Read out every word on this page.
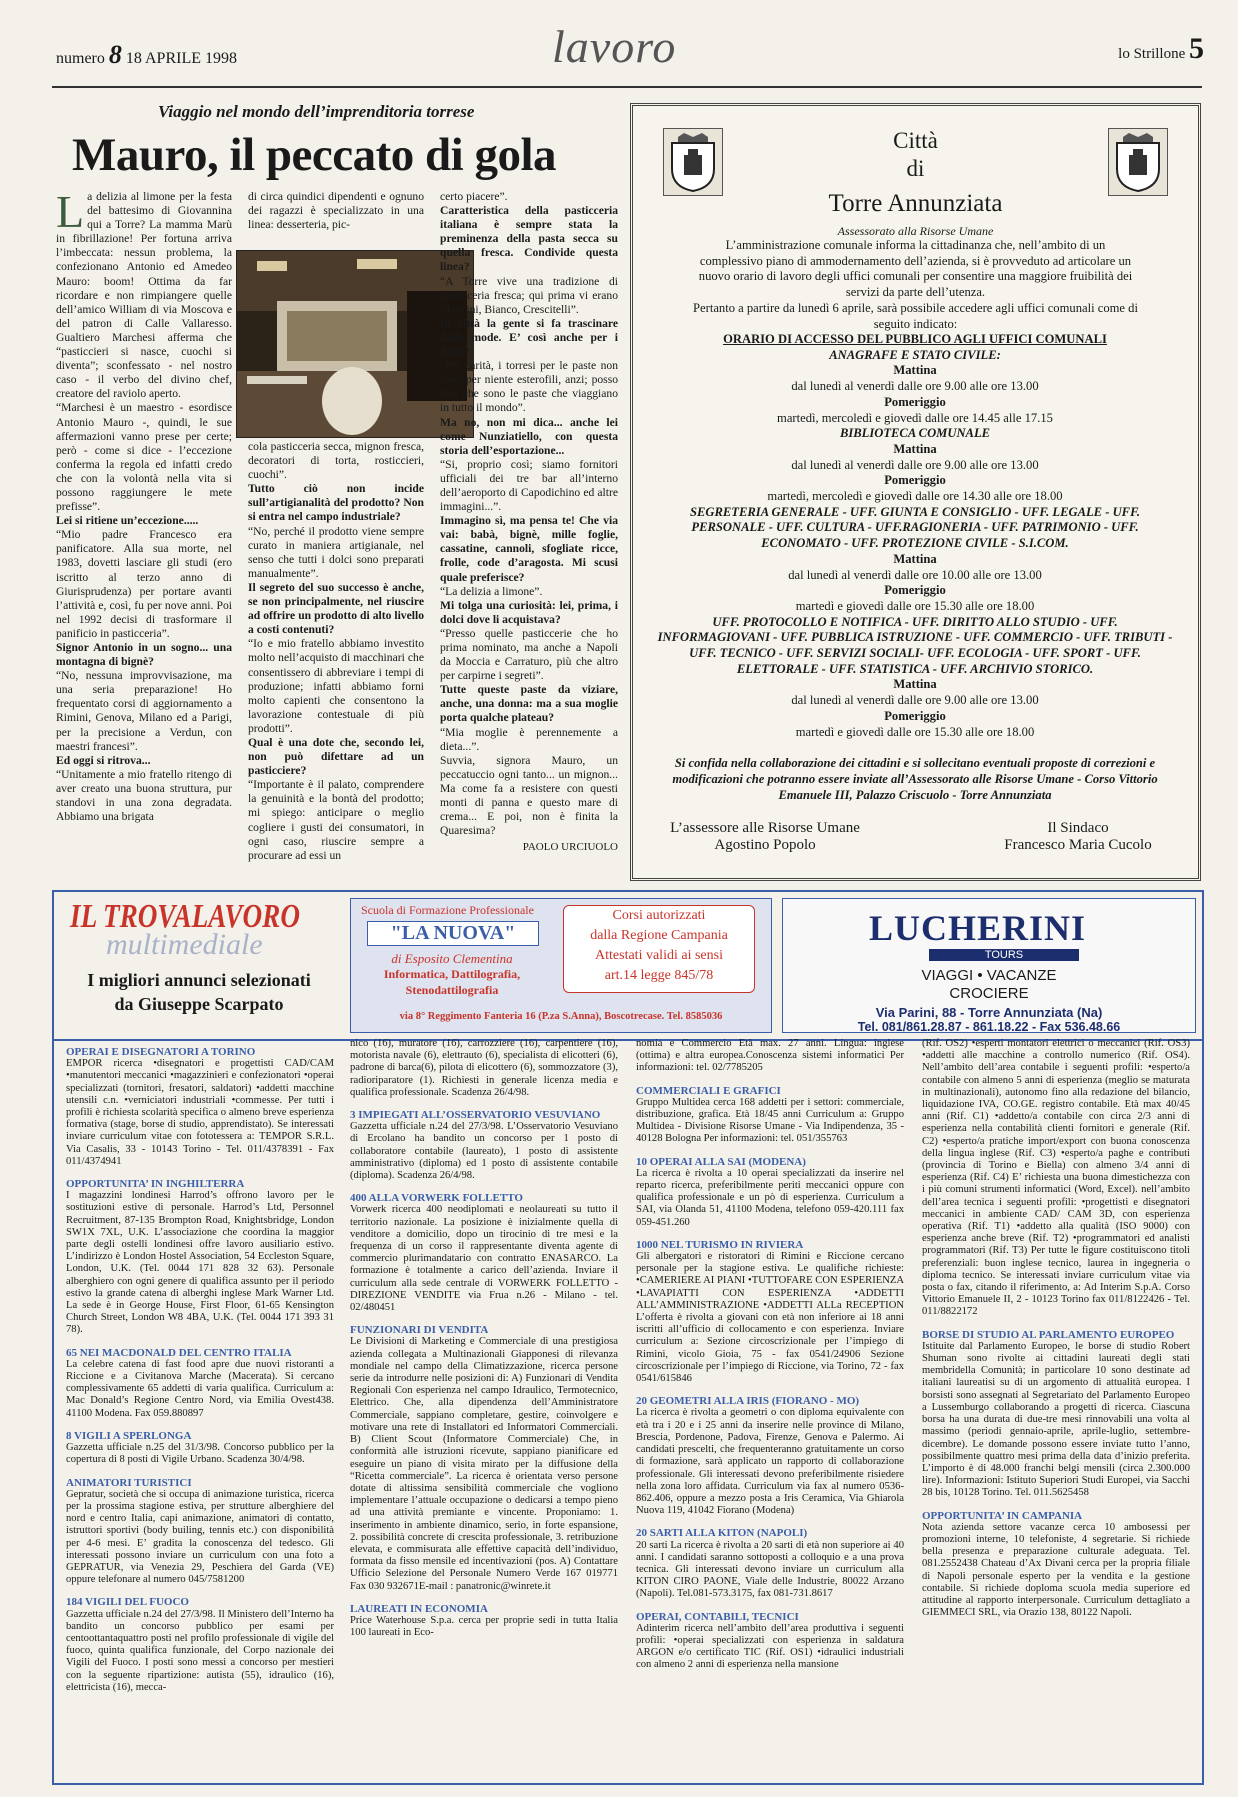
numero 8 18 APRILE 1998	lavoro	lo Strillone 5
Viaggio nel mondo dell’imprenditoria torrese
Mauro, il peccato di gola
L a delizia al limone per la festa del battesimo di Giovannina qui a Torre? La mamma Marù in fibrillazione! Per fortuna arriva l’imbeccata: nessun problema, la confezionano Antonio ed Amedeo Mauro: boom! Ottima da far ricordare e non rimpiangere quelle dell’amico William di via Moscova e del patron di Calle Vallaresso. Gualtiero Marchesi afferma che “pasticcieri si nasce, cuochi si diventa”; sconfessato - nel nostro caso - il verbo del divino chef, creatore del raviolo aperto.

“Marchesi è un maestro - esordisce Antonio Mauro -, quindi, le sue affermazioni vanno prese per certe; però - come si dice - l’eccezione conferma la regola ed infatti credo che con la volontà nella vita si possono raggiungere le mete prefisse”.

Lei si ritiene un’eccezione.....

“Mio padre Francesco era panificatore. Alla sua morte, nel 1983, dovetti lasciare gli studi (ero iscritto al terzo anno di Giurisprudenza) per portare avanti l’attività e, così, fu per nove anni. Poi nel 1992 decisi di trasformare il panificio in pasticceria”.

Signor Antonio in un sogno... una montagna di bignè?

“No, nessuna improvvisazione, ma una seria preparazione! Ho frequentato corsi di aggiornamento a Rimini, Genova, Milano ed a Parigi, per la precisione a Verdun, con maestri francesi”.

Ed oggi si ritrova...

“Unitamente a mio fratello ritengo di aver creato una buona struttura, pur standovi in una zona degradata. Abbiamo una brigata

di circa quindici dipendenti e ognuno dei ragazzi è specializzato in una linea: desserteria, pic-

cola pasticceria secca, mignon fresca, decoratori di torta, rosticcieri, cuochi”.

Tutto ciò non incide sull’artigianalità del prodotto? Non si entra nel campo industriale?

“No, perché il prodotto viene sempre curato in maniera artigianale, nel senso che tutti i dolci sono preparati manualmente”.

Il segreto del suo successo è anche, se non principalmente, nel riuscire ad offrire un prodotto di alto livello a costi contenuti?

“Io e mio fratello abbiamo investito molto nell’acquisto di macchinari che consentissero di abbreviare i tempi di produzione; infatti abbiamo forni molto capienti che consentono la lavorazione contestuale di più prodotti”.

Qual è una dote che, secondo lei, non può difettare ad un pasticciere?

“Importante è il palato, comprendere la genuinità e la bontà del prodotto; mi spiego: anticipare o meglio cogliere i gusti dei consumatori, in ogni caso, riuscire sempre a procurare ad essi un

certo piacere”.

Caratteristica della pasticceria italiana è sempre stata la preminenza della pasta secca su quella fresca. Condivide questa linea?

“A Torre vive una tradizione di pasticceria fresca; qui prima vi erano Mancini, Bianco, Crescitelli”.

In città la gente si fa trascinare dalle mode. E’ così anche per i dolci?

“Per carità, i torresi per le paste non sono per niente esterofili, anzi; posso dire che sono le paste che viaggiano in tutto il mondo”.

Ma no, non mi dica... anche lei come Nunziatiello, con questa storia dell’esportazione...

“Si, proprio così; siamo fornitori ufficiali dei tre bar all’interno dell’aeroporto di Capodichino ed altre immagini...”.

Immagino sì, ma pensa te! Che via vai: babà, bignè, mille foglie, cassatine, cannoli, sfogliate ricce, frolle, code d’aragosta. Mi scusi quale preferisce?

“La delizia a limone”.

Mi tolga una curiosità: lei, prima, i dolci dove li acquistava?

“Presso quelle pasticcerie che ho prima nominato, ma anche a Napoli da Moccia e Carraturo, più che altro per carpirne i segreti”.

Tutte queste paste da viziare, anche, una donna: ma a sua moglie porta qualche plateau?

“Mia moglie è perennemente a dieta...”.

Suvvia, signora Mauro, un peccatuccio ogni tanto... un mignon... Ma come fa a resistere con questi monti di panna e questo mare di crema... E poi, non è finita la Quaresima?

PAOLO URCIUOLO
Città
di
Torre Annunziata
Assessorato alla Risorse Umane
L’amministrazione comunale informa la cittadinanza che, nell’ambito di un complessivo piano di ammodernamento dell’azienda, si è provveduto ad articolare un nuovo orario di lavoro degli uffici comunali per consentire una maggiore fruibilità dei servizi da parte dell’utenza.
Pertanto a partire da lunedì 6 aprile, sarà possibile accedere agli uffici comunali come di seguito indicato:
ORARIO DI ACCESSO DEL PUBBLICO AGLI UFFICI COMUNALI
ANAGRAFE E STATO CIVILE:
Mattina
dal lunedì al venerdì dalle ore 9.00 alle ore 13.00
Pomeriggio
martedì, mercoledì e giovedì dalle ore 14.45 alle 17.15
BIBLIOTECA COMUNALE
Mattina
dal lunedì al venerdì dalle ore 9.00 alle ore 13.00
Pomeriggio
martedì, mercoledì e giovedì dalle ore 14.30 alle ore 18.00
SEGRETERIA GENERALE - UFF. GIUNTA E CONSIGLIO - UFF. LEGALE - UFF. PERSONALE - UFF. CULTURA - UFF.RAGIONERIA - UFF. PATRIMONIO - UFF. ECONOMATO - UFF. PROTEZIONE CIVILE - S.I.COM.
Mattina
dal lunedì al venerdì dalle ore 10.00 alle ore 13.00
Pomeriggio
martedì e giovedì dalle ore 15.30 alle ore 18.00
UFF. PROTOCOLLO E NOTIFICA - UFF. DIRITTO ALLO STUDIO - UFF. INFORMAGIOVANI - UFF. PUBBLICA ISTRUZIONE - UFF. COMMERCIO - UFF. TRIBUTI - UFF. TECNICO - UFF. SERVIZI SOCIALI- UFF. ECOLOGIA - UFF. SPORT - UFF. ELETTORALE - UFF. STATISTICA - UFF. ARCHIVIO STORICO.
Mattina
dal lunedì al venerdì dalle ore 9.00 alle ore 13.00
Pomeriggio
martedì e giovedì dalle ore 15.30 alle ore 18.00
Si confida nella collaborazione dei cittadini e si sollecitano eventuali proposte di correzioni e modificazioni che potranno essere inviate all’Assessorato alle Risorse Umane - Corso Vittorio Emanuele III, Palazzo Criscuolo - Torre Annunziata
L’assessore alle Risorse Umane
Agostino Popolo
Il Sindaco
Francesco Maria Cucolo
IL TROVALAVORO
multimediale
I migliori annunci selezionati
da Giuseppe Scarpato
Scuola di Formazione Professionale
"LA NUOVA"
di Esposito Clementina
Informatica, Dattilografia,
Stenodattilografia
Corsi autorizzati
dalla Regione Campania
Attestati validi ai sensi
art.14 legge 845/78
via 8° Reggimento Fanteria 16 (P.za S.Anna), Boscotrecase. Tel. 8585036
LUCHERINI
TOURS
VIAGGI • VACANZE
CROCIERE
Via Parini, 88 - Torre Annunziata (Na)
Tel. 081/861.28.87 - 861.18.22 - Fax 536.48.66

OPERAI E DISEGNATORI A TORINO
EMPOR ricerca •disegnatori e progettisti CAD/CAM •manutentori meccanici •magazzinieri e confezionatori •operai specializzati (tornitori, fresatori, saldatori) •addetti macchine utensili c.n. •verniciatori industriali •commesse. Per tutti i profili è richiesta scolarità specifica o almeno breve esperienza formativa (stage, borse di studio, apprendistato). Se interessati inviare curriculum vitae con fototessera a: TEMPOR S.R.L. Via Casalis, 33 - 10143 Torino - Tel. 011/4378391 - Fax 011/4374941

OPPORTUNITA’ IN INGHILTERRA
I magazzini londinesi Harrod’s offrono lavoro per le sostituzioni estive di personale. Harrod’s Ltd, Personnel Recruitment, 87-135 Brompton Road, Knightsbridge, London SW1X 7XL, U.K. L’associazione che coordina la maggior parte degli ostelli londinesi offre lavoro ausiliario estivo. L’indirizzo è London Hostel Association, 54 Eccleston Square, London, U.K. (Tel. 0044 171 828 32 63). Personale alberghiero con ogni genere di qualifica assunto per il periodo estivo la grande catena di alberghi inglese Mark Warner Ltd. La sede è in George House, First Floor, 61-65 Kensington Church Street, London W8 4BA, U.K. (Tel. 0044 171 393 31 78).

65 NEI MACDONALD DEL CENTRO ITALIA
La celebre catena di fast food apre due nuovi ristoranti a Riccione e a Civitanova Marche (Macerata). Si cercano complessivamente 65 addetti di varia qualifica. Curriculum a: Mac Donald’s Regione Centro Nord, via Emilia Ovest438. 41100 Modena. Fax 059.880897

8 VIGILI A SPERLONGA
Gazzetta ufficiale n.25 del 31/3/98. Concorso pubblico per la copertura di 8 posti di Vigile Urbano. Scadenza 30/4/98.

ANIMATORI TURISTICI
Gepratur, società che si occupa di animazione turistica, ricerca per la prossima stagione estiva, per strutture alberghiere del nord e centro Italia, capi animazione, animatori di contatto, istruttori sportivi (body builing, tennis etc.) con disponibilità per 4-6 mesi. E’ gradita la conoscenza del tedesco. Gli interessati possono inviare un curriculum con una foto a GEPRATUR, via Venezia 29, Peschiera del Garda (VE) oppure telefonare al numero 045/7581200

184 VIGILI DEL FUOCO
Gazzetta ufficiale n.24 del 27/3/98. Il Ministero dell’Interno ha bandito un concorso pubblico per esami per centoottantaquattro posti nel profilo professionale di vigile del fuoco, quinta qualifica funzionale, del Corpo nazionale dei Vigili del Fuoco. I posti sono messi a concorso per mestieri con la seguente ripartizione: autista (55), idraulico (16), elettricista (16), mecca-

nico (16), muratore (16), carrozziere (16), carpentiere (16), motorista navale (6), elettrauto (6), specialista di elicotteri (6), padrone di barca(6), pilota di elicottero (6), sommozzatore (3), radioriparatore (1). Richiesti in generale licenza media e qualifica professionale. Scadenza 26/4/98.

3 IMPIEGATI ALL’OSSERVATORIO VESUVIANO
Gazzetta ufficiale n.24 del 27/3/98. L’Osservatorio Vesuviano di Ercolano ha bandito un concorso per 1 posto di collaboratore contabile (laureato), 1 posto di assistente amministrativo (diploma) ed 1 posto di assistente contabile (diploma). Scadenza 26/4/98.

400 ALLA VORWERK FOLLETTO
Vorwerk ricerca 400 neodiplomati e neolaureati su tutto il territorio nazionale. La posizione è inizialmente quella di venditore a domicilio, dopo un tirocinio di tre mesi e la frequenza di un corso il rappresentante diventa agente di commercio plurimandatario con contratto ENASARCO. La formazione è totalmente a carico dell’azienda. Inviare il curriculum alla sede centrale di VORWERK FOLLETTO - DIREZIONE VENDITE via Frua n.26 - Milano - tel. 02/480451

FUNZIONARI DI VENDITA
Le Divisioni di Marketing e Commerciale di una prestigiosa azienda collegata a Multinazionali Giapponesi di rilevanza mondiale nel campo della Climatizzazione, ricerca persone serie da introdurre nelle posizioni di: A) Funzionari di Vendita Regionali Con esperienza nel campo Idraulico, Termotecnico, Elettrico. Che, alla dipendenza dell’Amministratore Commerciale, sappiano completare, gestire, coinvolgere e motivare una rete di Installatori ed Informatori Commerciali. B) Client Scout (Informatore Commerciale) Che, in conformità alle istruzioni ricevute, sappiano pianificare ed eseguire un piano di visita mirato per la diffusione della “Ricetta commerciale”. La ricerca è orientata verso persone dotate di altissima sensibilità commerciale che vogliono implementare l’attuale occupazione o dedicarsi a tempo pieno ad una attività premiante e vincente. Proponiamo: 1. inserimento in ambiente dinamico, serio, in forte espansione, 2. possibilità concrete di crescita professionale, 3. retribuzione elevata, e commisurata alle effettive capacità dell’individuo, formata da fisso mensile ed incentivazioni (pos. A) Contattare Ufficio Selezione del Personale Numero Verde 167 019771 Fax 030 932671E-mail : panatronic@winrete.it

LAUREATI IN ECONOMIA
Price Waterhouse S.p.a. cerca per proprie sedi in tutta Italia 100 laureati in Eco-

nomia e Commercio Età max. 27 anni. Lingua: inglese (ottima) e altra europea.Conoscenza sistemi informatici Per informazioni: tel. 02/7785205

COMMERCIALI E GRAFICI
Gruppo Multidea cerca 168 addetti per i settori: commerciale, distribuzione, grafica. Età 18/45 anni Curriculum a: Gruppo Multidea - Divisione Risorse Umane - Via Indipendenza, 35 - 40128 Bologna Per informazioni: tel. 051/355763

10 OPERAI ALLA SAI (MODENA)
La ricerca è rivolta a 10 operai specializzati da inserire nel reparto ricerca, preferibilmente periti meccanici oppure con qualifica professionale e un pò di esperienza. Curriculum a SAI, via Olanda 51, 41100 Modena, telefono 059-420.111 fax 059-451.260

1000 NEL TURISMO IN RIVIERA
Gli albergatori e ristoratori di Rimini e Riccione cercano personale per la stagione estiva. Le qualifiche richieste: •CAMERIERE AI PIANI •TUTTOFARE CON ESPERIENZA •LAVAPIATTI CON ESPERIENZA •ADDETTI ALL’AMMINISTRAZIONE •ADDETTI ALLa RECEPTION L’offerta è rivolta a giovani con età non inferiore ai 18 anni iscritti all’ufficio di collocamento e con esperienza. Inviare curriculum a: Sezione circoscrizionale per l’impiego di Rimini, vicolo Gioia, 75 - fax 0541/24906 Sezione circoscrizionale per l’impiego di Riccione, via Torino, 72 - fax 0541/615846

20 GEOMETRI ALLA IRIS (FIORANO - MO)
La ricerca è rivolta a geometri o con diploma equivalente con età tra i 20 e i 25 anni da inserire nelle province di Milano, Brescia, Pordenone, Padova, Firenze, Genova e Palermo. Ai candidati prescelti, che frequenteranno gratuitamente un corso di formazione, sarà applicato un rapporto di collaborazione professionale. Gli interessati devono preferibilmente risiedere nella zona loro affidata. Curriculum via fax al numero 0536-862.406, oppure a mezzo posta a Iris Ceramica, Via Ghiarola Nuova 119, 41042 Fiorano (Modena)

20 SARTI ALLA KITON (NAPOLI)
20 sarti La ricerca è rivolta a 20 sarti di età non superiore ai 40 anni. I candidati saranno sottoposti a colloquio e a una prova tecnica. Gli interessati devono inviare un curriculum alla KITON CIRO PAONE, Viale delle Industrie, 80022 Arzano (Napoli). Tel.081-573.3175, fax 081-731.8617

OPERAI, CONTABILI, TECNICI
Adinterim ricerca nell’ambito dell’area produttiva i seguenti profili: •operai specializzati con esperienza in saldatura ARGON e/o certificato TIC (Rif. OS1) •idraulici industriali con almeno 2 anni di esperienza nella mansione

(Rif. OS2) •esperti montatori elettrici o meccanici (Rif. OS3) •addetti alle macchine a controllo numerico (Rif. OS4). Nell’ambito dell’area contabile i seguenti profili: •esperto/a contabile con almeno 5 anni di esperienza (meglio se maturata in multinazionali), autonomo fino alla redazione del bilancio, liquidazione IVA, CO.GE. registro contabile. Età max 40/45 anni (Rif. C1) •addetto/a contabile con circa 2/3 anni di esperienza nella contabilità clienti fornitori e generale (Rif. C2) •esperto/a pratiche import/export con buona conoscenza della lingua inglese (Rif. C3) •esperto/a paghe e contributi (provincia di Torino e Biella) con almeno 3/4 anni di esperienza (Rif. C4) E’ richiesta una buona dimestichezza con i più comuni strumenti informatici (Word, Excel). nell’ambito dell’area tecnica i seguenti profili: •progettisti e disegnatori meccanici in ambiente CAD/ CAM 3D, con esperienza operativa (Rif. T1) •addetto alla qualità (ISO 9000) con esperienza anche breve (Rif. T2) •programmatori ed analisti programmatori (Rif. T3) Per tutte le figure costituiscono titoli preferenziali: buon inglese tecnico, laurea in ingegneria o diploma tecnico. Se interessati inviare curriculum vitae via posta o fax, citando il riferimento, a: Ad Interim S.p.A. Corso Vittorio Emanuele II, 2 - 10123 Torino fax 011/8122426 - Tel. 011/8822172

BORSE DI STUDIO AL PARLAMENTO EUROPEO
Istituite dal Parlamento Europeo, le borse di studio Robert Shuman sono rivolte ai cittadini laureati degli stati membridella Comunità; in particolare 10 sono destinate ad italiani laureatisi su di un argomento di attualità europea. I borsisti sono assegnati al Segretariato del Parlamento Europeo a Lussemburgo collaborando a progetti di ricerca. Ciascuna borsa ha una durata di due-tre mesi rinnovabili una volta al massimo (periodi gennaio-aprile, aprile-luglio, settembre-dicembre). Le domande possono essere inviate tutto l’anno, possibilmente quattro mesi prima della data d’inizio preferita. L’importo è di 48.000 franchi belgi mensili (circa 2.300.000 lire). Informazioni: Istituto Superiori Studi Europei, via Sacchi 28 bis, 10128 Torino. Tel. 011.5625458

OPPORTUNITA’ IN CAMPANIA
Nota azienda settore vacanze cerca 10 ambosessi per promozioni interne, 10 telefoniste, 4 segretarie. Si richiede bella presenza e preparazione culturale adeguata. Tel. 081.2552438 Chateau d’Ax Divani cerca per la propria filiale di Napoli personale esperto per la vendita e la gestione contabile. Si richiede doploma scuola media superiore ed attitudine al rapporto interpersonale. Curriculum dettagliato a GIEMMECI SRL, via Orazio 138, 80122 Napoli.
